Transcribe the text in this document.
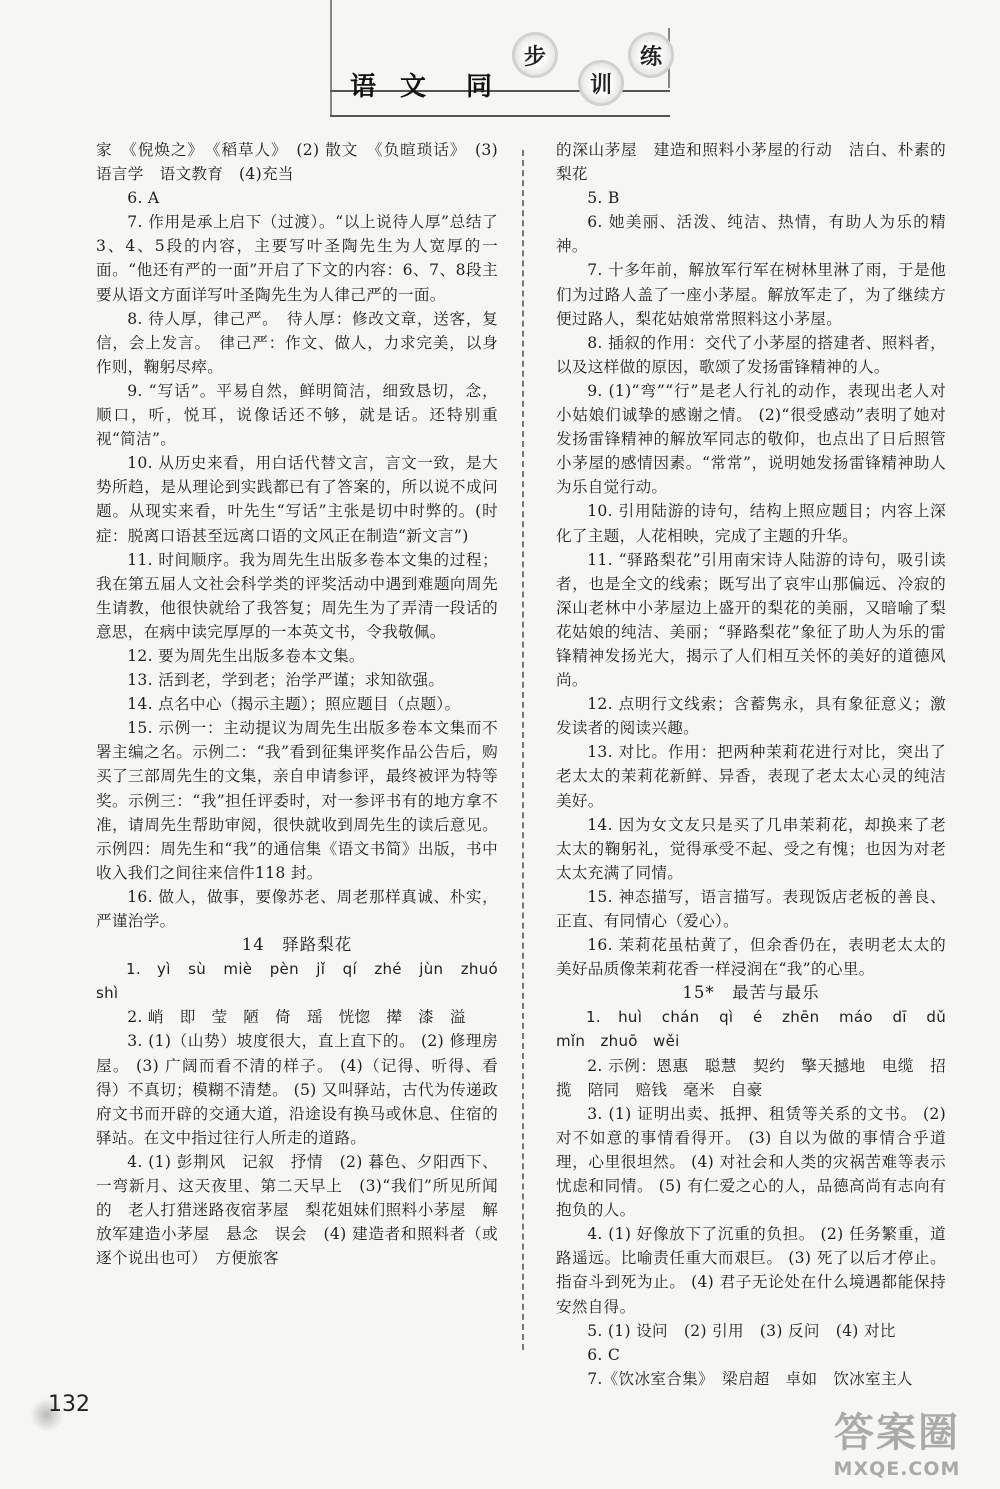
语 文 同
步
训
练

家　《倪焕之》　《稻草人》　(2) 散文　《负暄琐话》　(3) 语言学　语文教育　(4)充当

6. A

7. 作用是承上启下（过渡）。“以上说待人厚”总结了3、4、5段的内容，主要写叶圣陶先生为人宽厚的一面。“他还有严的一面”开启了下文的内容：6、7、8段主要从语文方面详写叶圣陶先生为人律己严的一面。

8. 待人厚，律己严。　待人厚：修改文章，送客，复信，会上发言。　律己严：作文、做人，力求完美，以身作则，鞠躬尽瘁。

9. “写话”。平易自然，鲜明简洁，细致恳切，念，顺口，听，悦耳，说像话还不够，就是话。还特别重视“简洁”。

10. 从历史来看，用白话代替文言，言文一致，是大势所趋，是从理论到实践都已有了答案的，所以说不成问题。从现实来看，叶先生“写话”主张是切中时弊的。(时症：脱离口语甚至远离口语的文风正在制造“新文言”)

11. 时间顺序。我为周先生出版多卷本文集的过程；我在第五届人文社会科学类的评奖活动中遇到难题向周先生请教，他很快就给了我答复；周先生为了弄清一段话的意思，在病中读完厚厚的一本英文书，令我敬佩。

12. 要为周先生出版多卷本文集。

13. 活到老，学到老；治学严谨；求知欲强。

14. 点名中心（揭示主题）；照应题目（点题）。

15. 示例一：主动提议为周先生出版多卷本文集而不署主编之名。示例二：“我”看到征集评奖作品公告后，购买了三部周先生的文集，亲自申请参评，最终被评为特等奖。示例三：“我”担任评委时，对一参评书有的地方拿不准，请周先生帮助审阅，很快就收到周先生的读后意见。示例四：周先生和“我”的通信集《语文书简》出版，书中收入我们之间往来信件118 封。

16. 做人，做事，要像苏老、周老那样真诚、朴实，严谨治学。

14　驿路梨花

1. yì　sù　miè　pèn　jǐ　qí　zhé　jùn　zhuó　shì

2. 峭　即　莹　陋　倚　瑶　恍惚　撵　漆　溢

3. (1)（山势）坡度很大，直上直下的。 (2) 修理房屋。 (3) 广阔而看不清的样子。 (4)（记得、听得、看得）不真切；模糊不清楚。 (5) 又叫驿站，古代为传递政府文书而开辟的交通大道，沿途设有换马或休息、住宿的驿站。在文中指过往行人所走的道路。

4. (1) 彭荆风　记叙　抒情　(2) 暮色、夕阳西下、一弯新月、这天夜里、第二天早上　(3)“我们”所见所闻的　老人打猎迷路夜宿茅屋　梨花姐妹们照料小茅屋　解放军建造小茅屋　悬念　误会　(4) 建造者和照料者（或逐个说出也可）　方便旅客

的深山茅屋　建造和照料小茅屋的行动　洁白、朴素的梨花

5. B

6. 她美丽、活泼、纯洁、热情，有助人为乐的精神。

7. 十多年前，解放军行军在树林里淋了雨，于是他们为过路人盖了一座小茅屋。解放军走了，为了继续方便过路人，梨花姑娘常常照料这小茅屋。

8. 插叙的作用：交代了小茅屋的搭建者、照料者，以及这样做的原因，歌颂了发扬雷锋精神的人。

9. (1)“弯”“行”是老人行礼的动作，表现出老人对小姑娘们诚挚的感谢之情。 (2)“很受感动”表明了她对发扬雷锋精神的解放军同志的敬仰，也点出了日后照管小茅屋的感情因素。“常常”，说明她发扬雷锋精神助人为乐自觉行动。

10. 引用陆游的诗句，结构上照应题目；内容上深化了主题，人花相映，完成了主题的升华。

11. “驿路梨花”引用南宋诗人陆游的诗句，吸引读者，也是全文的线索；既写出了哀牢山那偏远、冷寂的深山老林中小茅屋边上盛开的梨花的美丽，又暗喻了梨花姑娘的纯洁、美丽；“驿路梨花”象征了助人为乐的雷锋精神发扬光大，揭示了人们相互关怀的美好的道德风尚。

12. 点明行文线索；含蓄隽永，具有象征意义；激发读者的阅读兴趣。

13. 对比。作用：把两种茉莉花进行对比，突出了老太太的茉莉花新鲜、异香，表现了老太太心灵的纯洁美好。

14. 因为女文友只是买了几串茉莉花，却换来了老太太的鞠躬礼，觉得承受不起、受之有愧；也因为对老太太充满了同情。

15. 神态描写，语言描写。表现饭店老板的善良、正直、有同情心（爱心）。

16. 茉莉花虽枯黄了，但余香仍在，表明老太太的美好品质像茉莉花香一样浸润在“我”的心里。

15*　最苦与最乐

1. huì　chán　qì　é　zhēn　máo　dī　dǔ　mǐn　zhuō　wěi

2. 示例：恩惠　聪慧　契约　擎天撼地　电缆　招揽　陪同　赔钱　毫米　自豪

3. (1) 证明出卖、抵押、租赁等关系的文书。 (2) 对不如意的事情看得开。 (3) 自以为做的事情合乎道理，心里很坦然。 (4) 对社会和人类的灾祸苦难等表示忧虑和同情。 (5) 有仁爱之心的人，品德高尚有志向有抱负的人。

4. (1) 好像放下了沉重的负担。 (2) 任务繁重，道路遥远。比喻责任重大而艰巨。 (3) 死了以后才停止。指奋斗到死为止。 (4) 君子无论处在什么境遇都能保持安然自得。

5. (1) 设问　(2) 引用　(3) 反问　(4) 对比

6. C

7.《饮冰室合集》　梁启超　卓如　饮冰室主人

132
答案圈
MXQE.COM
